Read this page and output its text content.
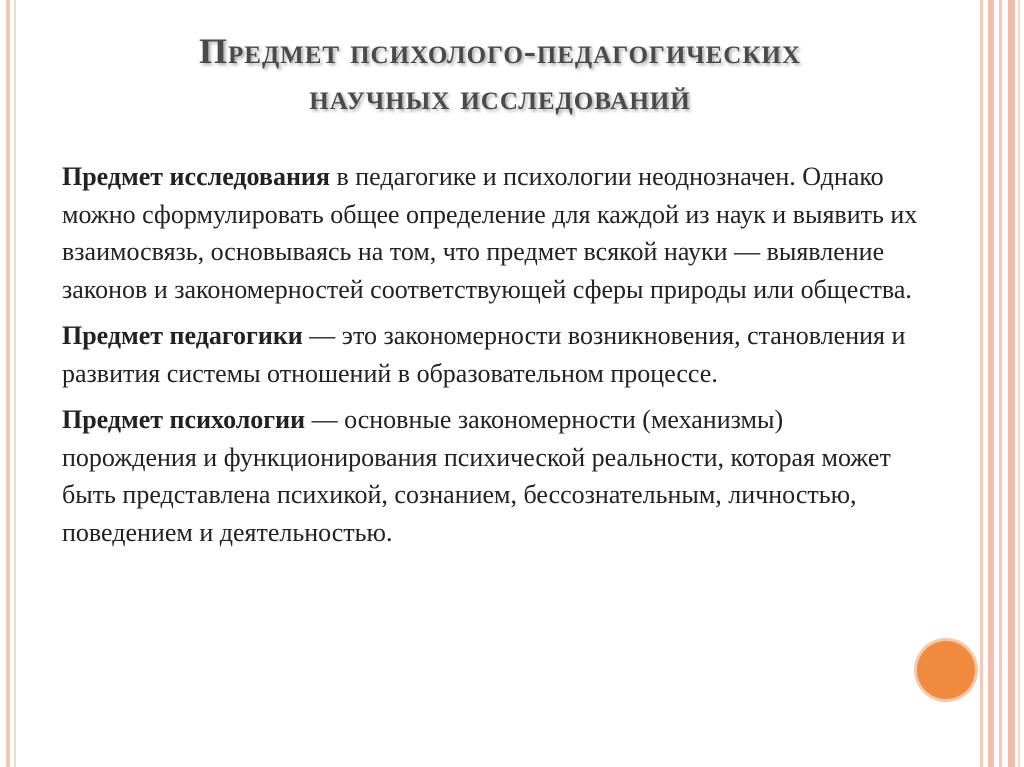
Предмет психолого-педагогических
научных исследований

Предмет исследования в педагогике и психологии неоднозначен. Однако можно сформулировать общее определение для каждой из наук и выявить их взаимосвязь, основываясь на том, что предмет всякой науки — выявление законов и закономерностей соответствующей сферы природы или общества.

Предмет педагогики — это закономерности возникновения, становления и развития системы отношений в образовательном процессе.

Предмет психологии — основные закономерности (механизмы) порождения и функционирования психической реальности, которая может быть представлена психикой, сознанием, бессознательным, личностью, поведением и деятельностью.
